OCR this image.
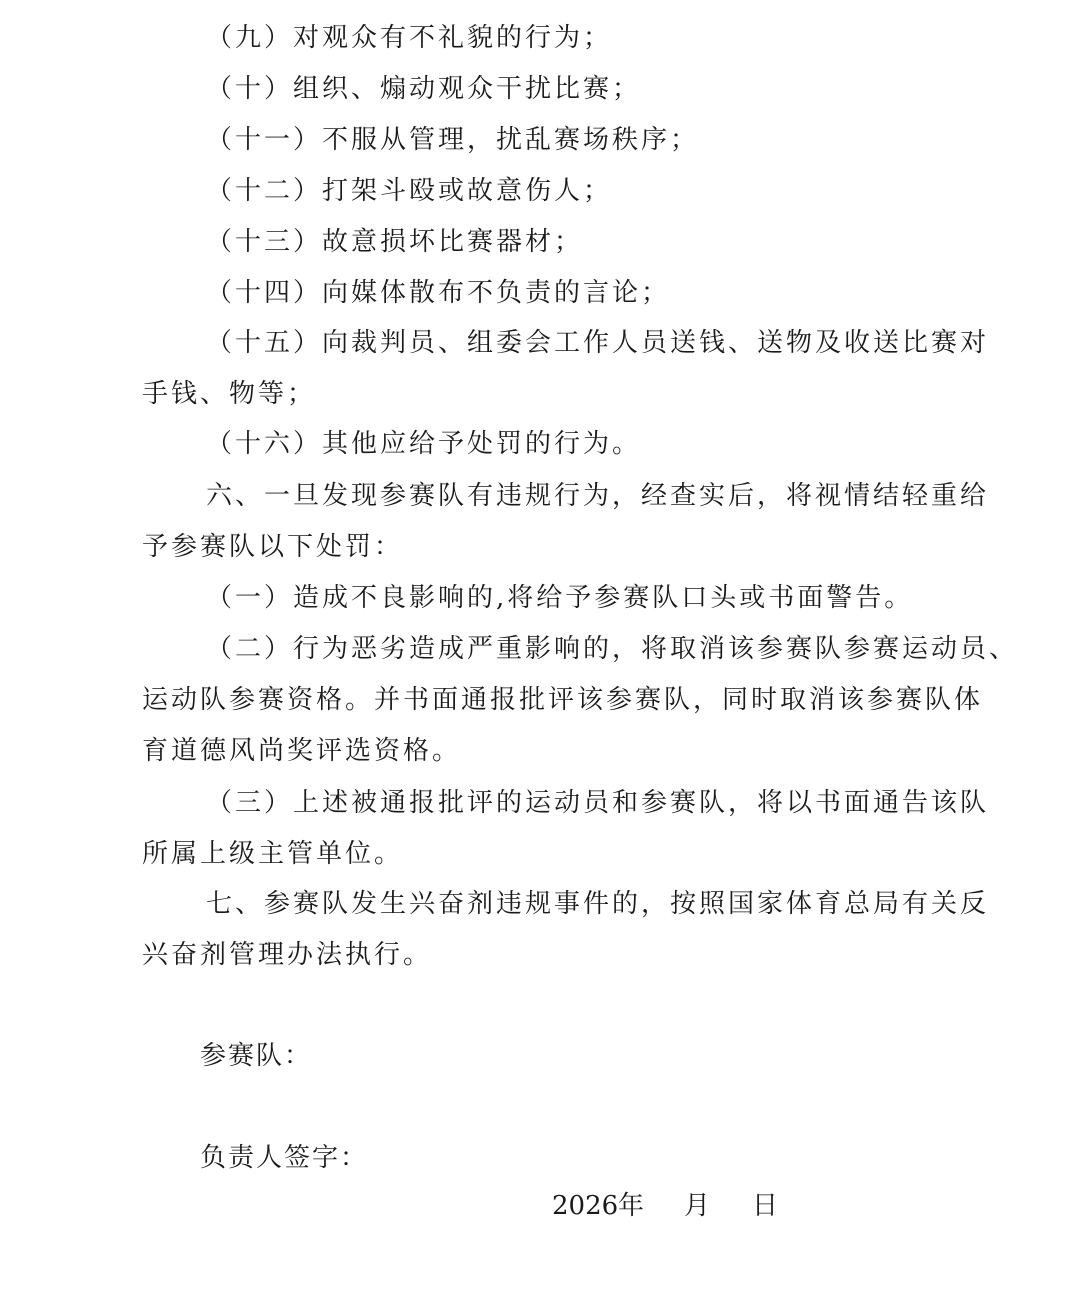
（九）对观众有不礼貌的行为；
（十）组织、煽动观众干扰比赛；
（十一）不服从管理，扰乱赛场秩序；
（十二）打架斗殴或故意伤人；
（十三）故意损坏比赛器材；
（十四）向媒体散布不负责的言论；
（十五）向裁判员、组委会工作人员送钱、送物及收送比赛对
手钱、物等；
（十六）其他应给予处罚的行为。
六、一旦发现参赛队有违规行为，经查实后，将视情结轻重给
予参赛队以下处罚：
（一）造成不良影响的,将给予参赛队口头或书面警告。
（二）行为恶劣造成严重影响的，将取消该参赛队参赛运动员、
运动队参赛资格。并书面通报批评该参赛队，同时取消该参赛队体
育道德风尚奖评选资格。
（三）上述被通报批评的运动员和参赛队，将以书面通告该队
所属上级主管单位。
七、参赛队发生兴奋剂违规事件的，按照国家体育总局有关反
兴奋剂管理办法执行。
参赛队：
负责人签字：
2026 年 月 日
